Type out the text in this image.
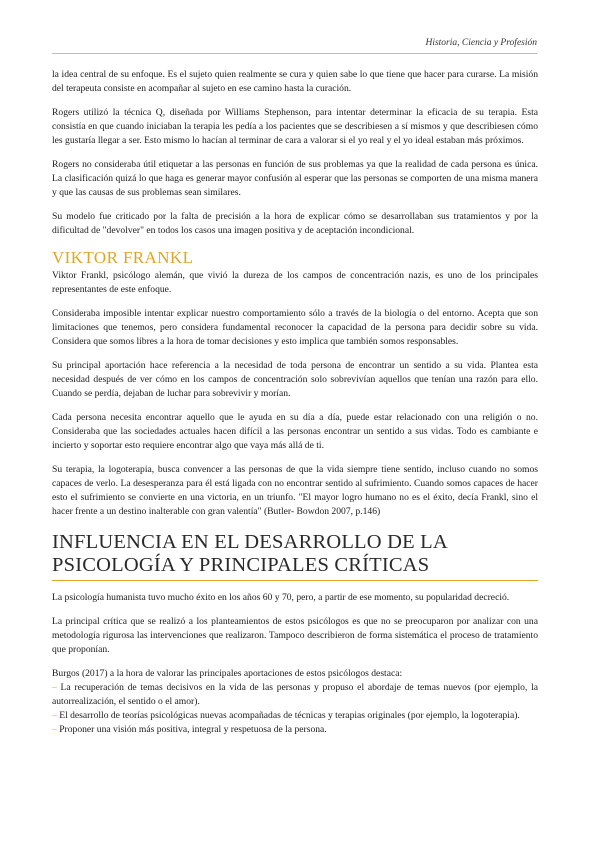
Historia, Ciencia y Profesión

la idea central de su enfoque. Es el sujeto quien realmente se cura y quien sabe lo que tiene que hacer para curarse. La misión del terapeuta consiste en acompañar al sujeto en ese camino hasta la curación.

Rogers utilizó la técnica Q, diseñada por Williams Stephenson, para intentar determinar la eficacia de su terapia. Esta consistía en que cuando iniciaban la terapia les pedía a los pacientes que se describiesen a sí mismos y que describiesen cómo les gustaría llegar a ser. Esto mismo lo hacían al terminar de cara a valorar si el yo real y el yo ideal estaban más próximos.

Rogers no consideraba útil etiquetar a las personas en función de sus problemas ya que la realidad de cada persona es única. La clasificación quizá lo que haga es generar mayor confusión al esperar que las personas se comporten de una misma manera y que las causas de sus problemas sean similares.

Su modelo fue criticado por la falta de precisión a la hora de explicar cómo se desarrollaban sus tratamientos y por la dificultad de "devolver" en todos los casos una imagen positiva y de aceptación incondicional.

VIKTOR FRANKL

Viktor Frankl, psicólogo alemán, que vivió la dureza de los campos de concentración nazis, es uno de los principales representantes de este enfoque.

Consideraba imposible intentar explicar nuestro comportamiento sólo a través de la biología o del entorno. Acepta que son limitaciones que tenemos, pero considera fundamental reconocer la capacidad de la persona para decidir sobre su vida. Considera que somos libres a la hora de tomar decisiones y esto implica que también somos responsables.

Su principal aportación hace referencia a la necesidad de toda persona de encontrar un sentido a su vida. Plantea esta necesidad después de ver cómo en los campos de concentración solo sobrevivían aquellos que tenían una razón para ello. Cuando se perdía, dejaban de luchar para sobrevivir y morían.

Cada persona necesita encontrar aquello que le ayuda en su día a día, puede estar relacionado con una religión o no. Consideraba que las sociedades actuales hacen difícil a las personas encontrar un sentido a sus vidas. Todo es cambiante e incierto y soportar esto requiere encontrar algo que vaya más allá de ti.

Su terapia, la logoterapia, busca convencer a las personas de que la vida siempre tiene sentido, incluso cuando no somos capaces de verlo. La desesperanza para él está ligada con no encontrar sentido al sufrimiento. Cuando somos capaces de hacer esto el sufrimiento se convierte en una victoria, en un triunfo. "El mayor logro humano no es el éxito, decía Frankl, sino el hacer frente a un destino inalterable con gran valentía" (Butler- Bowdon 2007, p.146)

INFLUENCIA EN EL DESARROLLO DE LA
PSICOLOGÍA Y PRINCIPALES CRÍTICAS

La psicología humanista tuvo mucho éxito en los años 60 y 70, pero, a partir de ese momento, su popularidad decreció.

La principal crítica que se realizó a los planteamientos de estos psicólogos es que no se preocuparon por analizar con una metodología rigurosa las intervenciones que realizaron. Tampoco describieron de forma sistemática el proceso de tratamiento que proponían.

Burgos (2017) a la hora de valorar las principales aportaciones de estos psicólogos destaca:
– La recuperación de temas decisivos en la vida de las personas y propuso el abordaje de temas nuevos (por ejemplo, la autorrealización, el sentido o el amor).
– El desarrollo de teorías psicológicas nuevas acompañadas de técnicas y terapias originales (por ejemplo, la logoterapia).
– Proponer una visión más positiva, integral y respetuosa de la persona.
